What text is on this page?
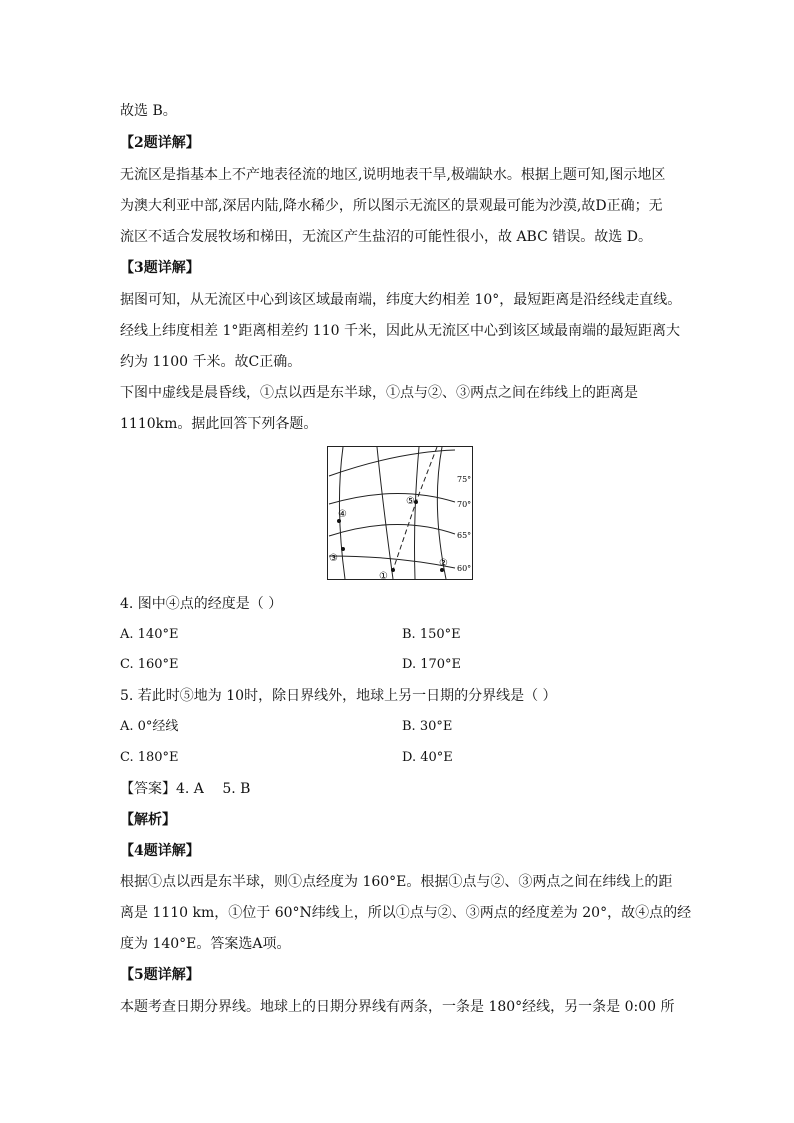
故选 B。
【2题详解】
无流区是指基本上不产地表径流的地区,说明地表干旱,极端缺水。根据上题可知,图示地区
为澳大利亚中部,深居内陆,降水稀少，所以图示无流区的景观最可能为沙漠,故D正确；无
流区不适合发展牧场和梯田，无流区产生盐沼的可能性很小，故 ABC 错误。故选 D。
【3题详解】
据图可知，从无流区中心到该区域最南端，纬度大约相差 10°，最短距离是沿经线走直线。
经线上纬度相差 1°距离相差约 110 千米，因此从无流区中心到该区域最南端的最短距离大
约为 1100 千米。故C正确。
下图中虚线是晨昏线，①点以西是东半球，①点与②、③两点之间在纬线上的距离是
1110km。据此回答下列各题。
④
③
⑤
①
②
75°
70°
65°
60°
4. 图中④点的经度是（ ）
A. 140°E	B. 150°E
C. 160°E	D. 170°E
5. 若此时⑤地为 10时，除日界线外，地球上另一日期的分界线是（ ）
A. 0°经线	B. 30°E
C. 180°E	D. 40°E
【答案】4. A　 5. B
【解析】
【4题详解】
根据①点以西是东半球，则①点经度为 160°E。根据①点与②、③两点之间在纬线上的距
离是 1110 km，①位于 60°N纬线上，所以①点与②、③两点的经度差为 20°，故④点的经
度为 140°E。答案选A项。
【5题详解】
本题考查日期分界线。地球上的日期分界线有两条，一条是 180°经线，另一条是 0:00 所
